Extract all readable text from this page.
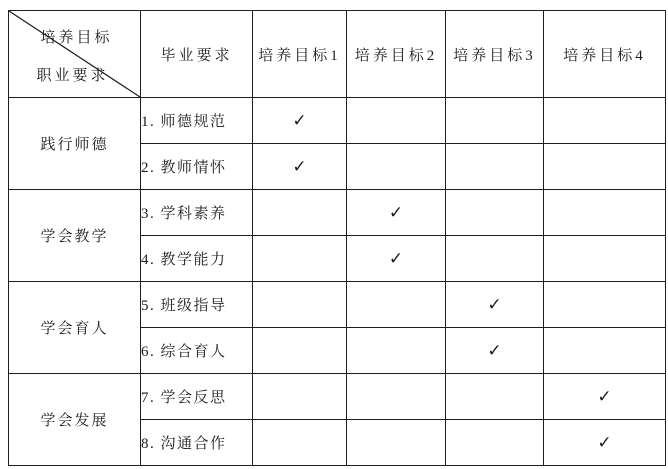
培养目标
职业要求	毕业要求	培养目标1	培养目标2	培养目标3	培养目标4
践行师德	1. 师德规范	✓			
	2. 教师情怀	✓			
学会教学	3. 学科素养		✓		
	4. 教学能力		✓		
学会育人	5. 班级指导			✓	
	6. 综合育人			✓	
学会发展	7. 学会反思				✓
	8. 沟通合作				✓
